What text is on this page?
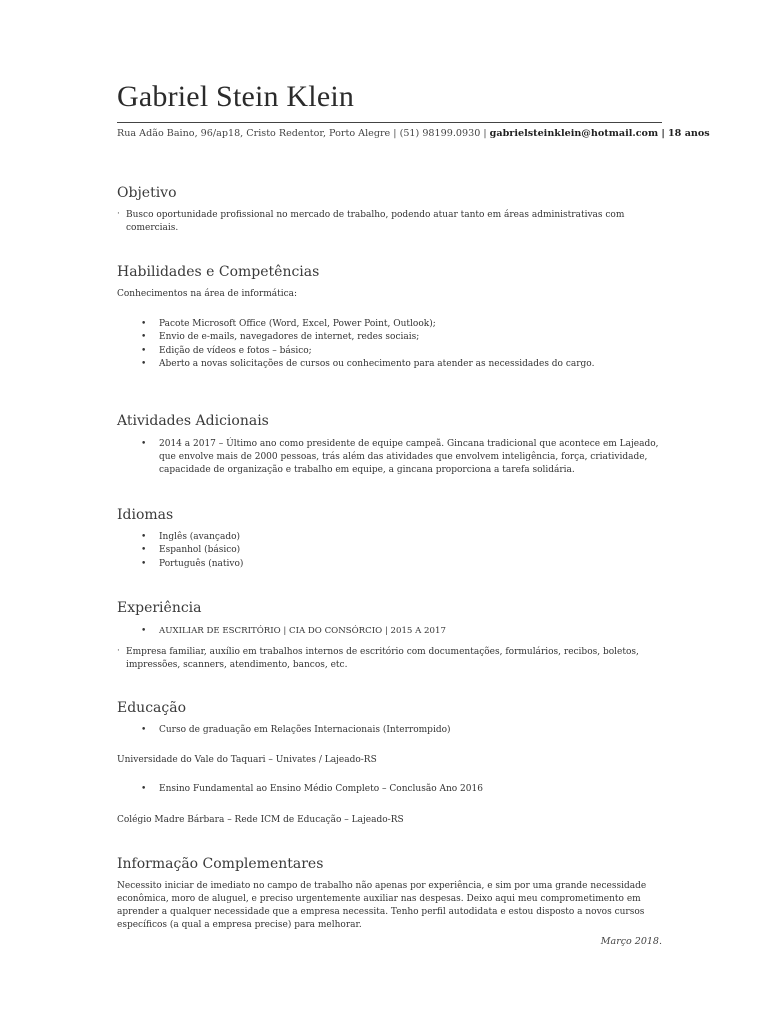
Gabriel Stein Klein
Rua Adão Baino, 96/ap18, Cristo Redentor, Porto Alegre | (51) 98199.0930 | gabrielsteinklein@hotmail.com | 18 anos
Objetivo
· Busco oportunidade profissional no mercado de trabalho, podendo atuar tanto em áreas administrativas com
comerciais.
Habilidades e Competências
Conhecimentos na área de informática:
• Pacote Microsoft Office (Word, Excel, Power Point, Outlook);
• Envio de e-mails, navegadores de internet, redes sociais;
• Edição de vídeos e fotos – básico;
• Aberto a novas solicitações de cursos ou conhecimento para atender as necessidades do cargo.
Atividades Adicionais
• 2014 a 2017 – Último ano como presidente de equipe campeã. Gincana tradicional que acontece em Lajeado,
que envolve mais de 2000 pessoas, trás além das atividades que envolvem inteligência, força, criatividade,
capacidade de organização e trabalho em equipe, a gincana proporciona a tarefa solidária.
Idiomas
• Inglês (avançado)
• Espanhol (básico)
• Português (nativo)
Experiência
• AUXILIAR DE ESCRITÓRIO | CIA DO CONSÓRCIO | 2015 A 2017
· Empresa familiar, auxílio em trabalhos internos de escritório com documentações, formulários, recibos, boletos,
impressões, scanners, atendimento, bancos, etc.
Educação
• Curso de graduação em Relações Internacionais (Interrompido)
Universidade do Vale do Taquari – Univates / Lajeado-RS
• Ensino Fundamental ao Ensino Médio Completo – Conclusão Ano 2016
Colégio Madre Bárbara – Rede ICM de Educação – Lajeado-RS
Informação Complementares
Necessito iniciar de imediato no campo de trabalho não apenas por experiência, e sim por uma grande necessidade
econômica, moro de aluguel, e preciso urgentemente auxiliar nas despesas. Deixo aqui meu comprometimento em
aprender a qualquer necessidade que a empresa necessita. Tenho perfil autodidata e estou disposto a novos cursos
específicos (a qual a empresa precise) para melhorar.
Março 2018.
